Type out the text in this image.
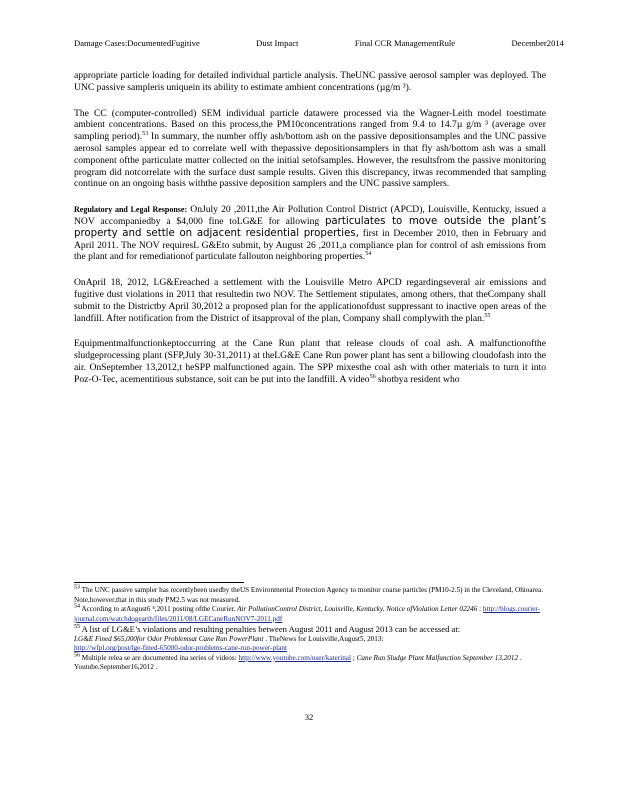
Damage Cases:DocumentedFugitive	Dust Impact	Final CCR ManagementRule	December2014

appropriate particle loading for detailed individual particle analysis. TheUNC passive aerosol sampler was deployed. The UNC passive sampleris uniquein its ability to estimate ambient concentrations (µg/m ³).

The CC (computer-controlled) SEM individual particle datawere processed via the Wagner-Leith model toestimate ambient concentrations. Based on this process,the PM10concentrations ranged from 9.4 to 14.7µ g/m ³ (average over sampling period).$^{53}$ In summary, the number offly ash/bottom ash on the passive depositionsamples and the UNC passive aerosol samples appear ed to correlate well with thepassive depositionsamplers in that fly ash/bottom ash was a small component ofthe particulate matter collected on the initial setofsamples. However, the resultsfrom the passive monitoring program did notcorrelate with the surface dust sample results. Given this discrepancy, itwas recommended that sampling continue on an ongoing basis withthe passive deposition samplers and the UNC passive samplers.

Regulatory and Legal Response: OnJuly 20 ,2011,the Air Pollution Control District (APCD), Louisville, Kentucky, issued a NOV accompaniedby a $4,000 fine toLG&E for allowing particulates to move outside the plant’s property and settle on adjacent residential properties, first in December 2010, then in February and April 2011. The NOV requiresL G&Eto submit, by August 26 ,2011,a compliance plan for control of ash emissions from the plant and for remediationof particulate fallouton neighboring properties.$^{54}$

OnApril 18, 2012, LG&Ereached a settlement with the Louisville Metro APCD regardingseveral air emissions and fugitive dust violations in 2011 that resultedin two NOV. The Settlement stipulates, among others, that theCompany shall submit to the Districtby April 30,2012 a proposed plan for the applicationofdust suppressant to inactive open areas of the landfill. After notification from the District of itsapproval of the plan, Company shall complywith the plan.$^{55}$

Equipmentmalfunctionkeptoccurring at the Cane Run plant that release clouds of coal ash. A malfunctionofthe sludgeprocessing plant (SFP,July 30-31,2011) at theLG&E Cane Run power plant has sent a billowing cloudofash into the air. OnSeptember 13,2012,t heSPP malfunctioned again. The SPP mixesthe coal ash with other materials to turn it into Poz-O-Tec, acementitious substance, soit can be put into the landfill. A video$^{56}$ shotbya resident who

$^{53}$ The UNC passive sampler has recentlybeen usedby theUS Environmental Protection Agency to monitor coarse particles (PM10-2.5) in the Cleveland, Ohioarea. Note,however,that in this study PM2.5 was not measured.

$^{54}$ According to atAugust6 ⁴,2011 posting ofthe Courier. Air PollutionControl District, Louisville, Kentucky. Notice ofViolation Letter 02246 : http://blogs.courier-journal.com/watchdogearth/files/2011/08/LGECaneRunNOV7-2011.pdf

$^{55}$ A list of LG&E’s violations and resulting penalties between August 2011 and August 2013 can be accessed at:

LG&E Fined $65,000for Odor Problemsat Cane Run PowerPlant . TheNews for Louisville,August5, 2013:
http://wfpl.org/post/lge-fined-65000-odor-problems-cane-run-power-plant

$^{56}$ Multiple relea se are documented ina series of videos: http://www.youtube.com/user/katerinal ; Cane Run Sludge Plant Malfunction September 13,2012 . Youtube,September16,2012 .

32
